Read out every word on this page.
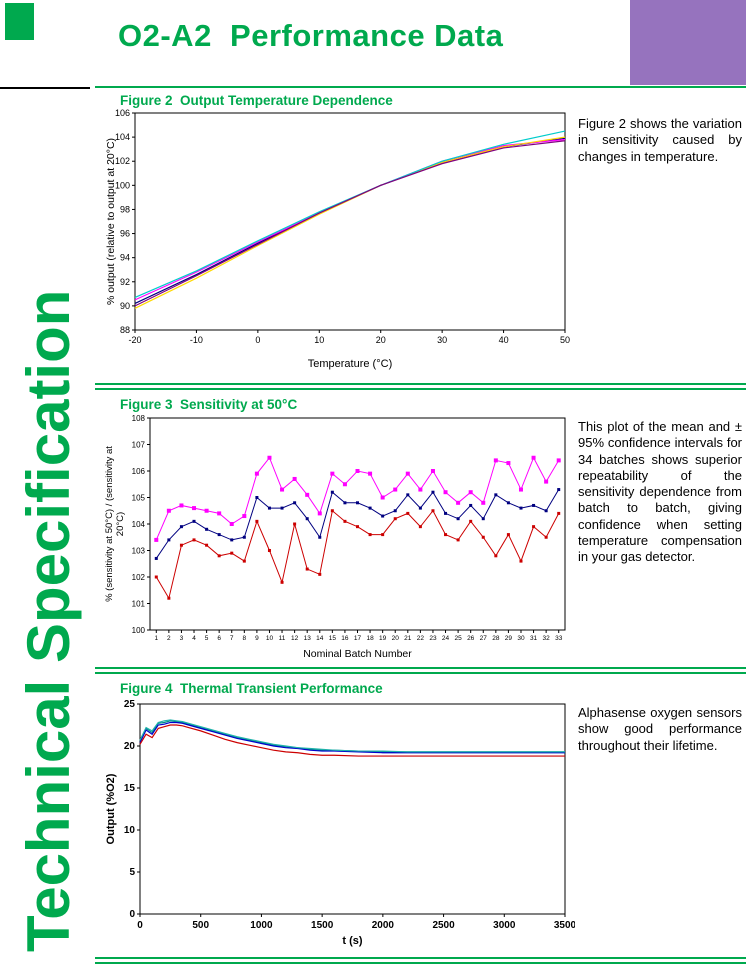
O2-A2  Performance Data
Technical Specification
Figure 2  Output Temperature Dependence
88
90
92
94
96
98
100
102
104
106
-20	-10	0	10	20	30	40	50
Temperature (°C)
% output (relative to output at 20°C)
Figure 2 shows the variation in sensitivity caused by changes in temperature.
Figure 3  Sensitivity at 50°C
100
101
102
103
104
105
106
107
108
1 2 3 4 5 6 7 8 9 10 11 12 13 14 15 16 17 18 19 20 21 22 23 24 25 26 27 28 29 30 31 32 33
Nominal Batch Number
% (sensitivity at 50°C) / (sensitivity at 20°C)
This plot of the mean and ± 95% confidence intervals for 34 batches shows superior repeatability of the sensitivity dependence from batch to batch, giving confidence when setting temperature compensation in your gas detector.
Figure 4  Thermal Transient Performance
0
5
10
15
20
25
0	500	1000	1500	2000	2500	3000	3500
t (s)
Output (%O2)
Alphasense oxygen sensors show good performance throughout their lifetime.
